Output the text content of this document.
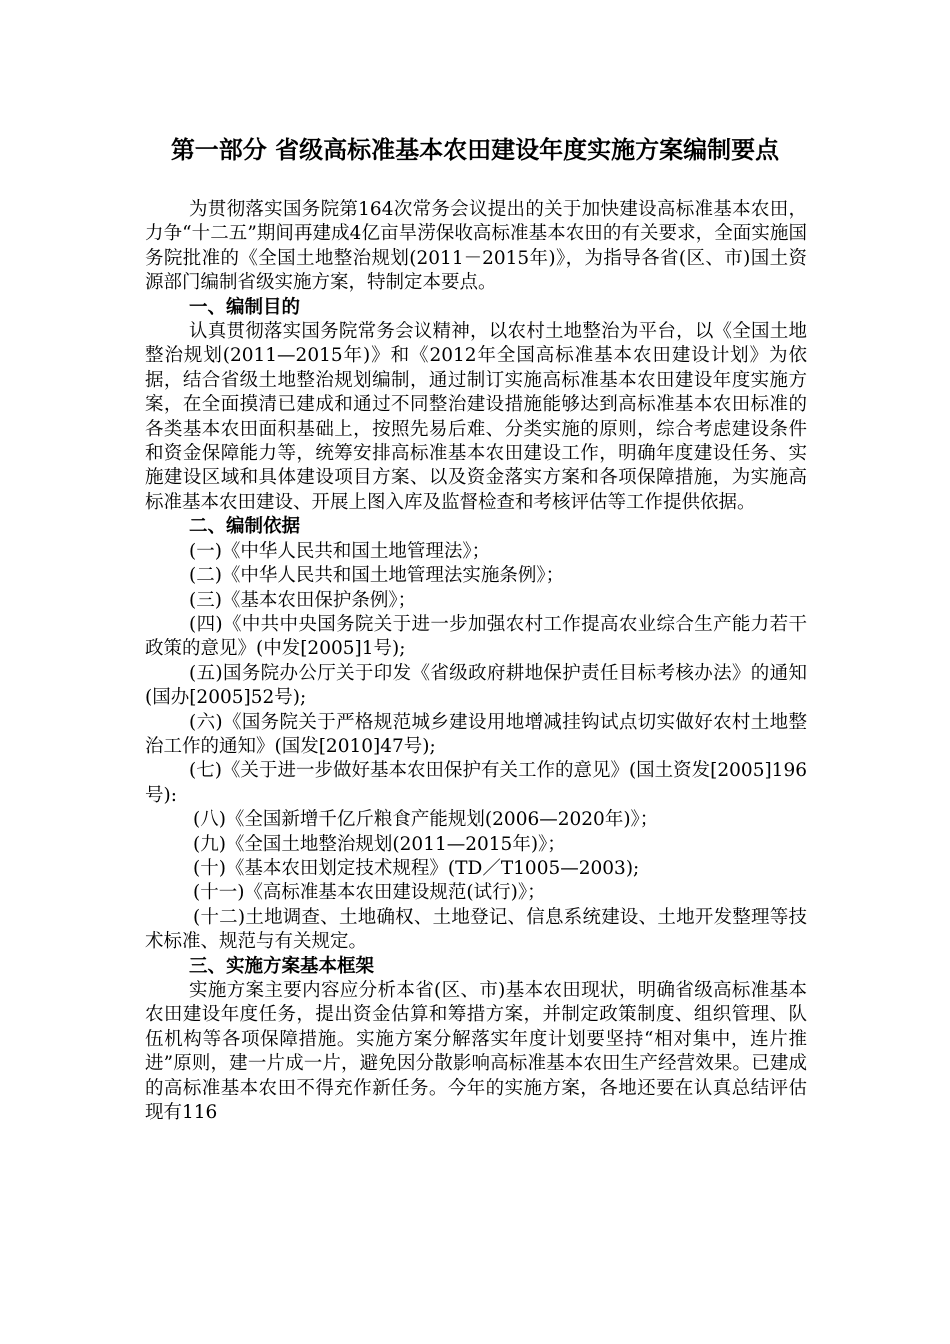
第一部分 省级高标准基本农田建设年度实施方案编制要点

为贯彻落实国务院第164次常务会议提出的关于加快建设高标准基本农田，力争“十二五”期间再建成4亿亩旱涝保收高标准基本农田的有关要求，全面实施国务院批准的《全国土地整治规划(2011－2015年)》，为指导各省(区、市)国土资源部门编制省级实施方案，特制定本要点。

一、编制目的

认真贯彻落实国务院常务会议精神，以农村土地整治为平台，以《全国土地整治规划(2011—2015年)》和《2012年全国高标准基本农田建设计划》为依据，结合省级土地整治规划编制，通过制订实施高标准基本农田建设年度实施方案，在全面摸清已建成和通过不同整治建设措施能够达到高标准基本农田标准的各类基本农田面积基础上，按照先易后难、分类实施的原则，综合考虑建设条件和资金保障能力等，统筹安排高标准基本农田建设工作，明确年度建设任务、实施建设区域和具体建设项目方案、以及资金落实方案和各项保障措施，为实施高标准基本农田建设、开展上图入库及监督检查和考核评估等工作提供依据。

二、编制依据

(一)《中华人民共和国土地管理法》；

(二)《中华人民共和国土地管理法实施条例》；

(三)《基本农田保护条例》；

(四)《中共中央国务院关于进一步加强农村工作提高农业综合生产能力若干政策的意见》(中发[2005]1号);

(五)国务院办公厅关于印发《省级政府耕地保护责任目标考核办法》的通知(国办[2005]52号);

(六)《国务院关于严格规范城乡建设用地增减挂钩试点切实做好农村土地整治工作的通知》(国发[2010]47号);

(七)《关于进一步做好基本农田保护有关工作的意见》(国土资发[2005]196号):

(八)《全国新增千亿斤粮食产能规划(2006—2020年)》；

(九)《全国土地整治规划(2011—2015年)》；

(十)《基本农田划定技术规程》(TD／T1005—2003);

(十一)《高标准基本农田建设规范(试行)》；

(十二)土地调查、土地确权、土地登记、信息系统建设、土地开发整理等技术标准、规范与有关规定。

三、实施方案基本框架

实施方案主要内容应分析本省(区、市)基本农田现状，明确省级高标准基本农田建设年度任务，提出资金估算和筹措方案，并制定政策制度、组织管理、队伍机构等各项保障措施。实施方案分解落实年度计划要坚持“相对集中，连片推进”原则，建一片成一片，避免因分散影响高标准基本农田生产经营效果。已建成的高标准基本农田不得充作新任务。今年的实施方案，各地还要在认真总结评估现有116
